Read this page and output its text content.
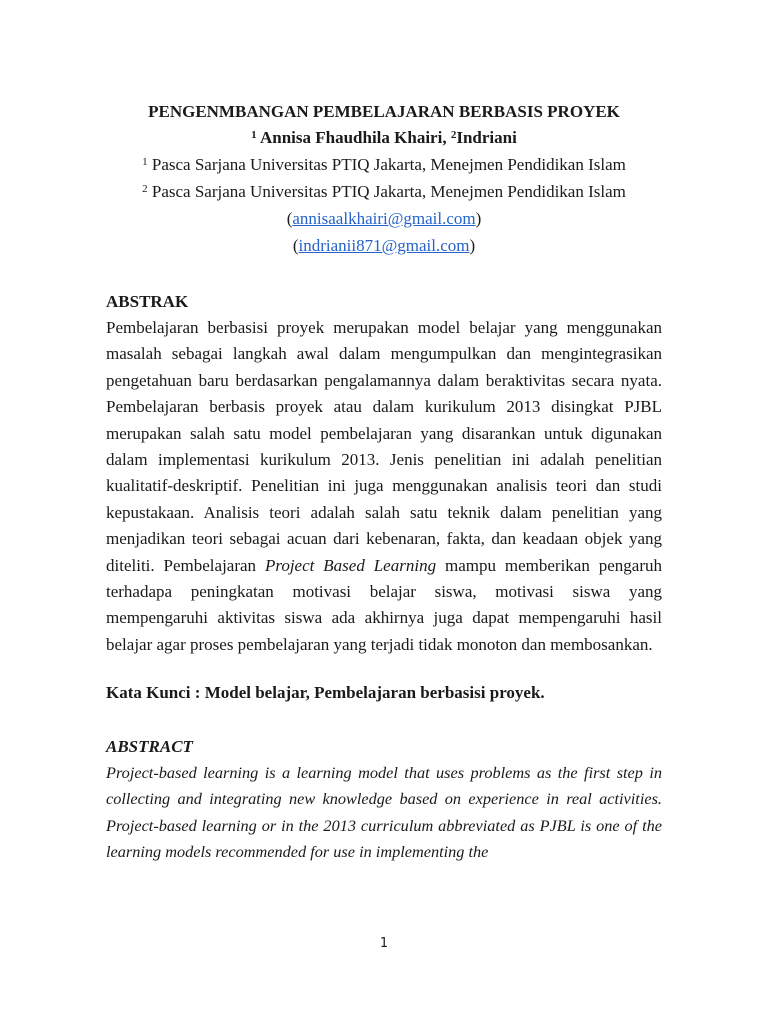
PENGENMBANGAN PEMBELAJARAN BERBASIS PROYEK

$^1$ Annisa Fhaudhila Khairi, $^2$Indriani

$^1$ Pasca Sarjana Universitas PTIQ Jakarta, Menejmen Pendidikan Islam

$^2$ Pasca Sarjana Universitas PTIQ Jakarta, Menejmen Pendidikan Islam

(annisaalkhairi@gmail.com)

(indrianii871@gmail.com)

ABSTRAK

Pembelajaran berbasisi proyek merupakan model belajar yang menggunakan masalah sebagai langkah awal dalam mengumpulkan dan mengintegrasikan pengetahuan baru berdasarkan pengalamannya dalam beraktivitas secara nyata. Pembelajaran berbasis proyek atau dalam kurikulum 2013 disingkat PJBL merupakan salah satu model pembelajaran yang disarankan untuk digunakan dalam implementasi kurikulum 2013. Jenis penelitian ini adalah penelitian kualitatif-deskriptif. Penelitian ini juga menggunakan analisis teori dan studi kepustakaan. Analisis teori adalah salah satu teknik dalam penelitian yang menjadikan teori sebagai acuan dari kebenaran, fakta, dan keadaan objek yang diteliti. Pembelajaran Project Based Learning mampu memberikan pengaruh terhadapa peningkatan motivasi belajar siswa, motivasi siswa yang mempengaruhi aktivitas siswa ada akhirnya juga dapat mempengaruhi hasil belajar agar proses pembelajaran yang terjadi tidak monoton dan membosankan.

Kata Kunci : Model belajar, Pembelajaran berbasisi proyek.

ABSTRACT

Project-based learning is a learning model that uses problems as the first step in collecting and integrating new knowledge based on experience in real activities. Project-based learning or in the 2013 curriculum abbreviated as PJBL is one of the learning models recommended for use in implementing the

1
